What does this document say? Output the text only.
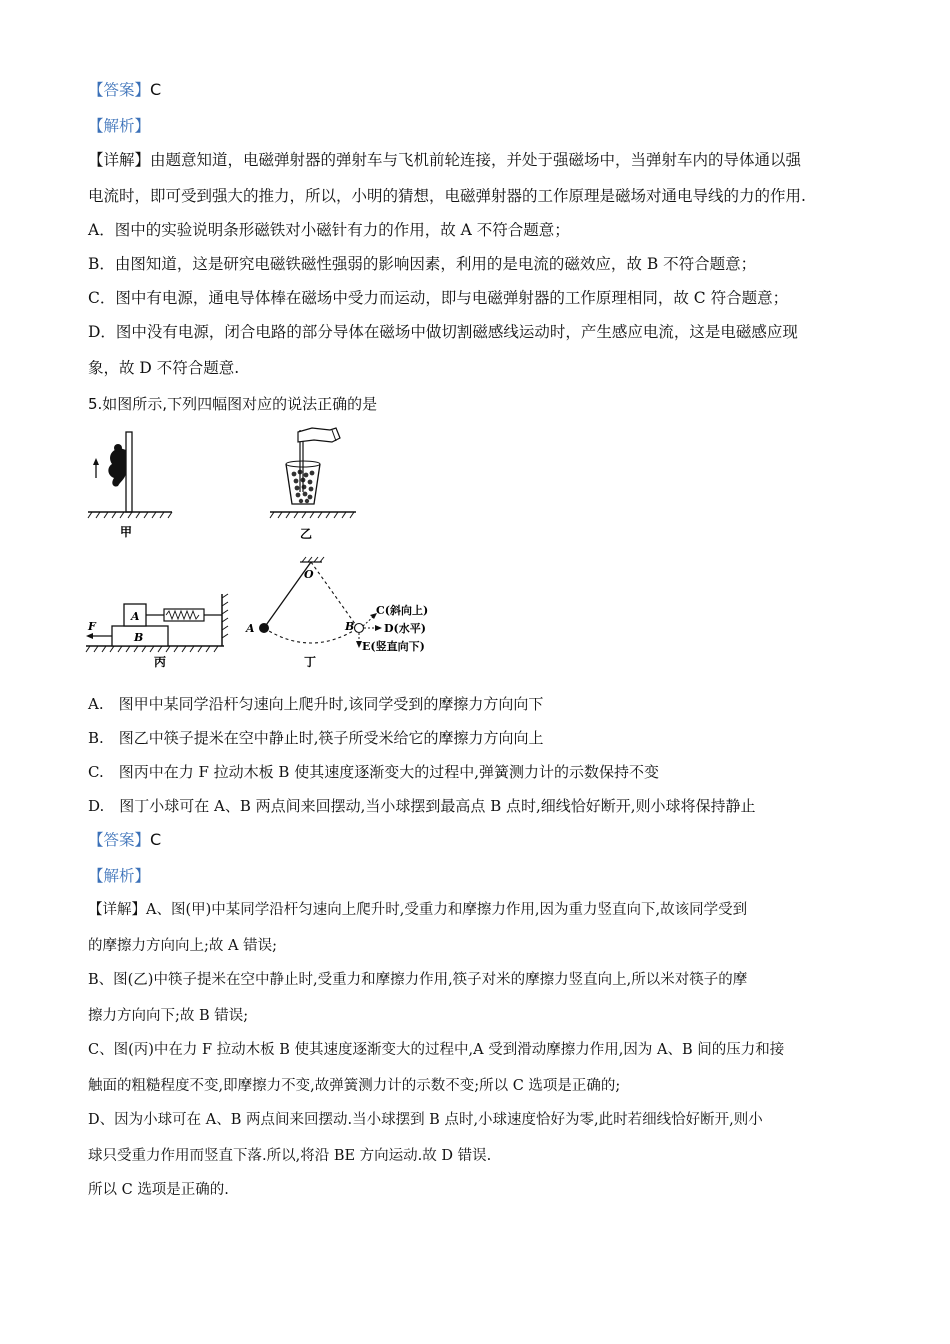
【答案】C
【解析】
【详解】由题意知道，电磁弹射器的弹射车与飞机前轮连接，并处于强磁场中，当弹射车内的导体通以强
电流时，即可受到强大的推力，所以，小明的猜想，电磁弹射器的工作原理是磁场对通电导线的力的作用.
A．图中的实验说明条形磁铁对小磁针有力的作用，故 A 不符合题意；
B．由图知道，这是研究电磁铁磁性强弱的影响因素，利用的是电流的磁效应，故 B 不符合题意；
C．图中有电源，通电导体棒在磁场中受力而运动，即与电磁弹射器的工作原理相同，故 C 符合题意；
D．图中没有电源，闭合电路的部分导体在磁场中做切割磁感线运动时，产生感应电流，这是电磁感应现
象，故 D 不符合题意.
5.如图所示,下列四幅图对应的说法正确的是
甲	乙
F
A
B
丙
O
A	B
C(斜向上)
D(水平)
E(竖直向下)
丁
A.　图甲中某同学沿杆匀速向上爬升时,该同学受到的摩擦力方向向下
B.　图乙中筷子提米在空中静止时,筷子所受米给它的摩擦力方向向上
C.　图丙中在力 F 拉动木板 B 使其速度逐渐变大的过程中,弹簧测力计的示数保持不变
D.　图丁小球可在 A、B 两点间来回摆动,当小球摆到最高点 B 点时,细线恰好断开,则小球将保持静止
【答案】C
【解析】
【详解】A、图(甲)中某同学沿杆匀速向上爬升时,受重力和摩擦力作用,因为重力竖直向下,故该同学受到
的摩擦力方向向上;故 A 错误;
B、图(乙)中筷子提米在空中静止时,受重力和摩擦力作用,筷子对米的摩擦力竖直向上,所以米对筷子的摩
擦力方向向下;故 B 错误;
C、图(丙)中在力 F 拉动木板 B 使其速度逐渐变大的过程中,A 受到滑动摩擦力作用,因为 A、B 间的压力和接
触面的粗糙程度不变,即摩擦力不变,故弹簧测力计的示数不变;所以 C 选项是正确的;
D、因为小球可在 A、B 两点间来回摆动.当小球摆到 B 点时,小球速度恰好为零,此时若细线恰好断开,则小
球只受重力作用而竖直下落.所以,将沿 BE 方向运动.故 D 错误.
所以 C 选项是正确的.
